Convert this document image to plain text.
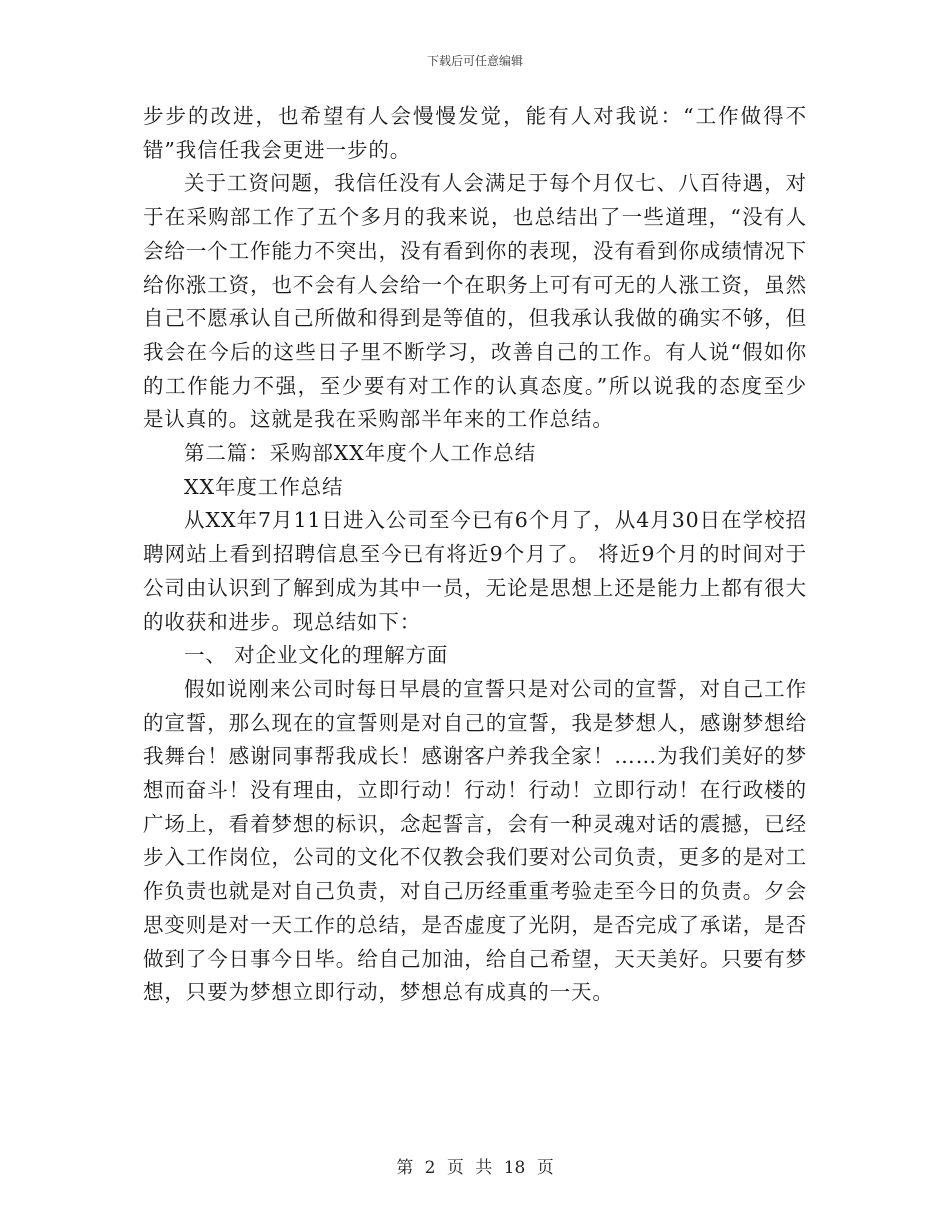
下载后可任意编辑

步步的改进，也希望有人会慢慢发觉，能有人对我说：“工作做得不错”我信任我会更进一步的。

关于工资问题，我信任没有人会满足于每个月仅七、八百待遇，对于在采购部工作了五个多月的我来说，也总结出了一些道理，“没有人会给一个工作能力不突出，没有看到你的表现，没有看到你成绩情况下给你涨工资，也不会有人会给一个在职务上可有可无的人涨工资，虽然自己不愿承认自己所做和得到是等值的，但我承认我做的确实不够，但我会在今后的这些日子里不断学习，改善自己的工作。有人说“假如你的工作能力不强，至少要有对工作的认真态度。”所以说我的态度至少是认真的。这就是我在采购部半年来的工作总结。

第二篇：采购部XX年度个人工作总结

XX年度工作总结

从XX年7月11日进入公司至今已有6个月了，从4月30日在学校招聘网站上看到招聘信息至今已有将近9个月了。 将近9个月的时间对于公司由认识到了解到成为其中一员，无论是思想上还是能力上都有很大的收获和进步。现总结如下：

一、 对企业文化的理解方面

假如说刚来公司时每日早晨的宣誓只是对公司的宣誓，对自己工作的宣誓，那么现在的宣誓则是对自己的宣誓，我是梦想人，感谢梦想给我舞台！感谢同事帮我成长！感谢客户养我全家！……为我们美好的梦想而奋斗！没有理由，立即行动！行动！行动！立即行动！在行政楼的广场上，看着梦想的标识，念起誓言，会有一种灵魂对话的震撼，已经步入工作岗位，公司的文化不仅教会我们要对公司负责，更多的是对工作负责也就是对自己负责，对自己历经重重考验走至今日的负责。夕会思变则是对一天工作的总结，是否虚度了光阴，是否完成了承诺，是否做到了今日事今日毕。给自己加油，给自己希望，天天美好。只要有梦想，只要为梦想立即行动，梦想总有成真的一天。

第 2 页 共 18 页
